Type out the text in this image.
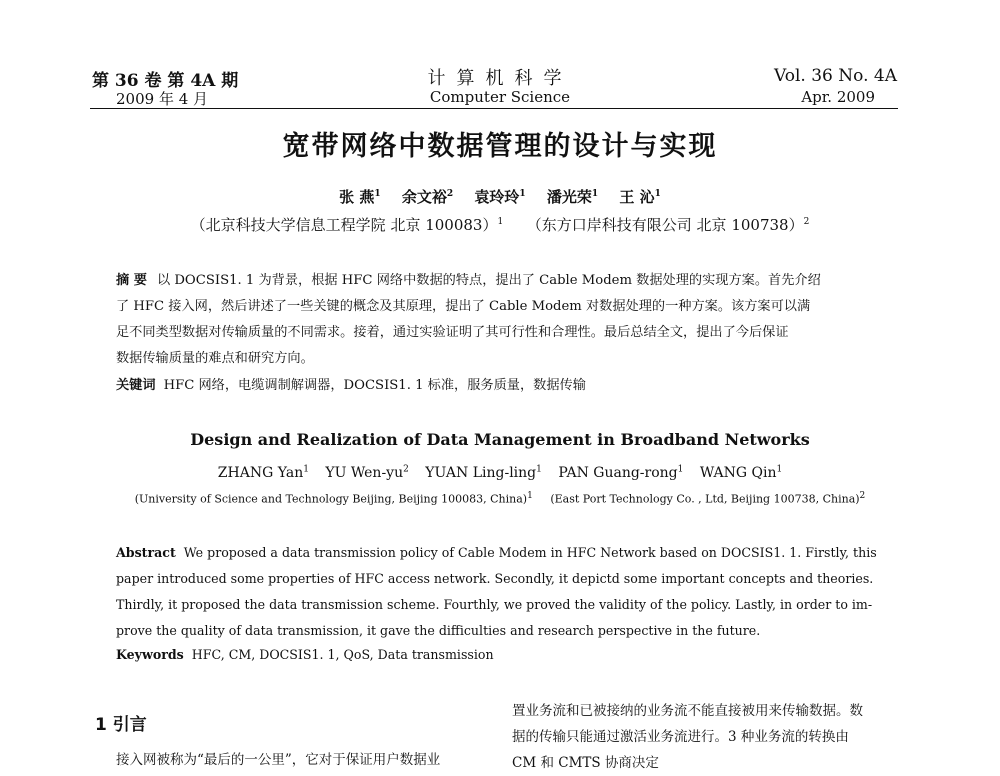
第 36 卷 第 4A 期
2009 年 4 月
计算机科学
Computer Science
Vol. 36 No. 4A
Apr. 2009
宽带网络中数据管理的设计与实现
张 燕$^1$ 余文裕$^2$ 袁玲玲$^1$ 潘光荣$^1$ 王 沁$^1$
（北京科技大学信息工程学院 北京 100083）$^1$ （东方口岸科技有限公司 北京 100738）$^2$
摘 要 以 DOCSIS1. 1 为背景，根据 HFC 网络中数据的特点，提出了 Cable Modem 数据处理的实现方案。首先介绍
了 HFC 接入网，然后讲述了一些关键的概念及其原理，提出了 Cable Modem 对数据处理的一种方案。该方案可以满
足不同类型数据对传输质量的不同需求。接着，通过实验证明了其可行性和合理性。最后总结全文，提出了今后保证
数据传输质量的难点和研究方向。
关键词 HFC 网络，电缆调制解调器，DOCSIS1. 1 标准，服务质量，数据传输
Design and Realization of Data Management in Broadband Networks
ZHANG Yan$^1$ YU Wen-$yu^2$ YUAN Ling-ling$^1$ PAN Guang-rong$^1$ WANG Qin$^1$
(University of Science and Technology Beijing, Beijing 100083, China)$^1$ (East Port Technology Co. , Ltd, Beijing 100738, China)$^2$
Abstract We proposed a data transmission policy of Cable Modem in HFC Network based on DOCSIS1. 1. Firstly, this
paper introduced some properties of HFC access network. Secondly, it depictd some important concepts and theories.
Thirdly, it proposed the data transmission scheme. Fourthly, we proved the validity of the policy. Lastly, in order to im-
prove the quality of data transmission, it gave the difficulties and research perspective in the future.
Keywords HFC, CM, DOCSIS1. 1, QoS, Data transmission
1 引言
接入网被称为“最后的一公里”，它对于保证用户数据业
置业务流和已被接纳的业务流不能直接被用来传输数据。数
据的传输只能通过激活业务流进行。3 种业务流的转换由
CM 和 CMTS 协商决定
